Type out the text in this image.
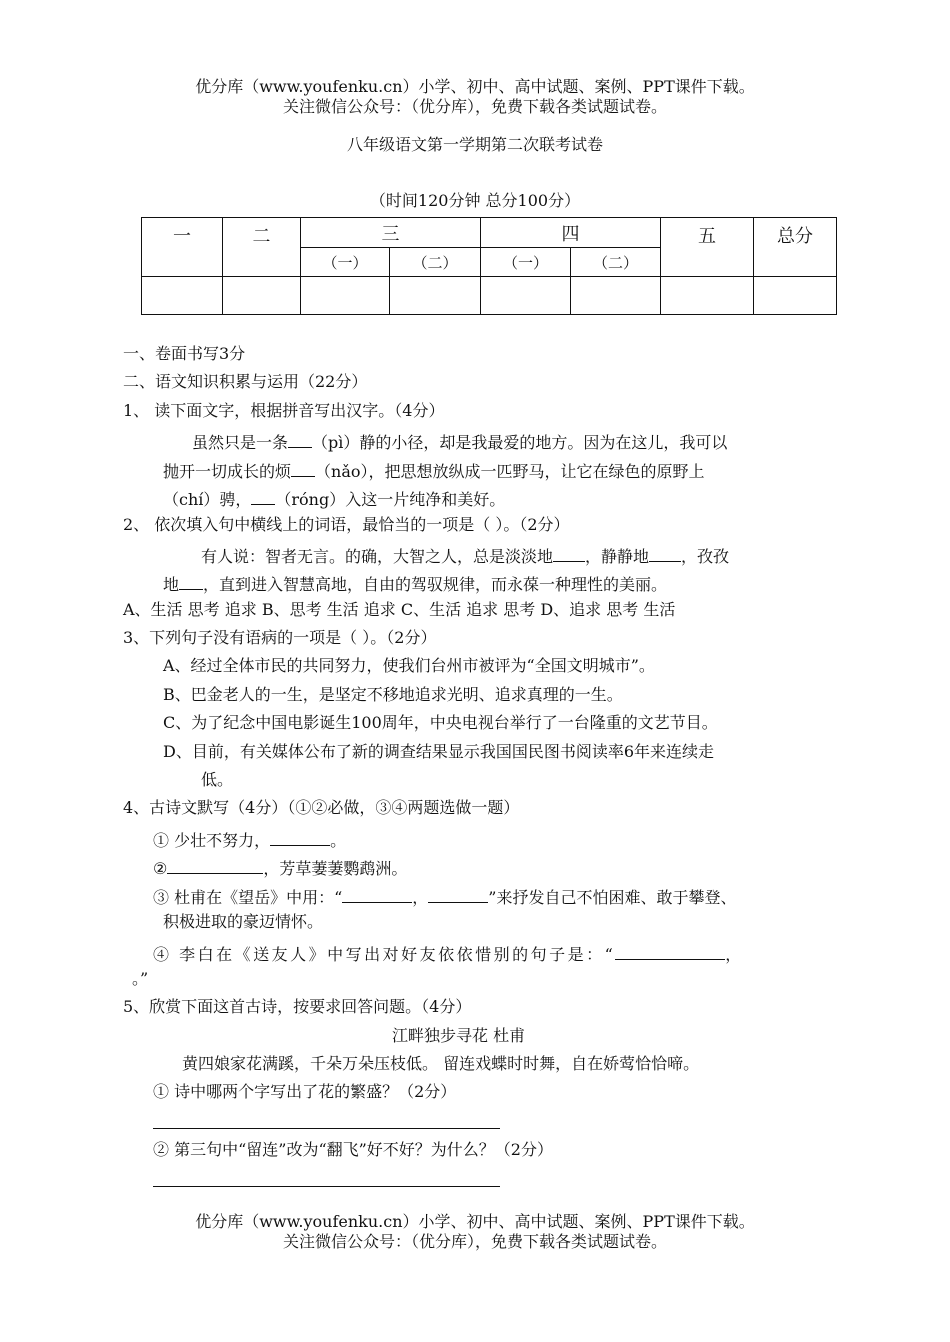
优分库（www.youfenku.cn）小学、初中、高中试题、案例、PPT课件下载。
关注微信公众号：（优分库），免费下载各类试题试卷。
八年级语文第一学期第二次联考试卷
（时间120分钟 总分100分）
一	二	三		四		五	总分
		（一）	（二）	（一）	（二）		

一、卷面书写3分
二、语文知识积累与运用（22分）
1、 读下面文字，根据拼音写出汉字。（4分）
虽然只是一条 （pì）静的小径，却是我最爱的地方。因为在这儿，我可以
抛开一切成长的烦 （nǎo），把思想放纵成一匹野马，让它在绿色的原野上
（chí）骋， （róng）入这一片纯净和美好。
2、 依次填入句中横线上的词语，最恰当的一项是（ ）。（2分）
有人说：智者无言。的确，大智之人，总是淡淡地 ，静静地 ，孜孜
地 ，直到进入智慧高地，自由的驾驭规律，而永葆一种理性的美丽。
A、生活 思考 追求 B、思考 生活 追求 C、生活 追求 思考 D、追求 思考 生活
3、下列句子没有语病的一项是（ ）。（2分）
A、经过全体市民的共同努力，使我们台州市被评为“全国文明城市”。
B、巴金老人的一生，是坚定不移地追求光明、追求真理的一生。
C、为了纪念中国电影诞生100周年，中央电视台举行了一台隆重的文艺节目。
D、目前，有关媒体公布了新的调查结果显示我国国民图书阅读率6年来连续走
低。
4、古诗文默写（4分）（①②必做，③④两题选做一题）
① 少壮不努力，	。
②	，芳草萋萋鹦鹉洲。
③ 杜甫在《望岳》中用：“	，	”来抒发自己不怕困难、敢于攀登、
积极进取的豪迈情怀。
④ 李白在《送友人》中写出对好友依依惜别的句子是：“	，
。”
5、欣赏下面这首古诗，按要求回答问题。（4分）
江畔独步寻花 杜甫
黄四娘家花满蹊，千朵万朵压枝低。 留连戏蝶时时舞，自在娇莺恰恰啼。
① 诗中哪两个字写出了花的繁盛？（2分）
② 第三句中“留连”改为“翻飞”好不好？为什么？（2分）
优分库（www.youfenku.cn）小学、初中、高中试题、案例、PPT课件下载。
关注微信公众号：（优分库），免费下载各类试题试卷。
